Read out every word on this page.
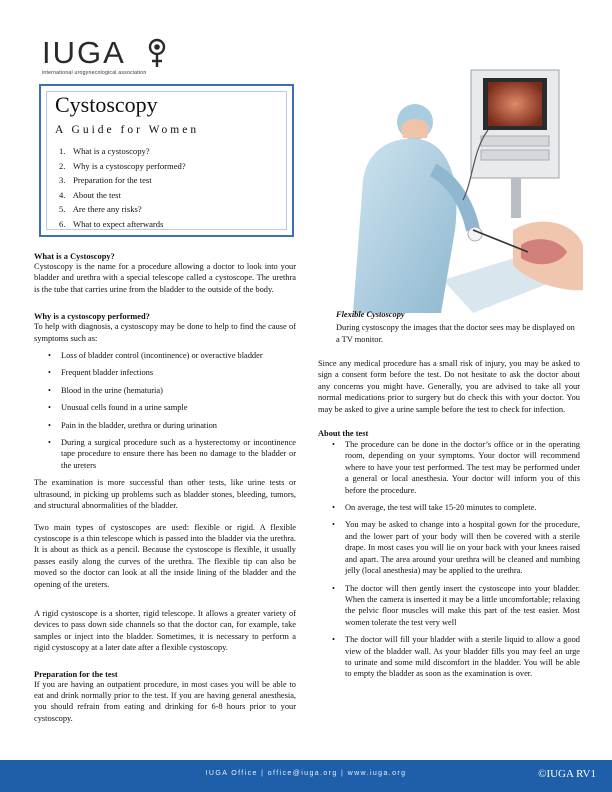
IUGA
international urogynecological association
Cystoscopy
A Guide for Women
1. What is a cystoscopy?
2. Why is a cystoscopy performed?
3. Preparation for the test
4. About the test
5. Are there any risks?
6. What to expect afterwards
Flexible Cystoscopy
During cystoscopy the images that the doctor sees may be displayed on a TV monitor.
What is a Cystoscopy?
Cystoscopy is the name for a procedure allowing a doctor to look into your bladder and urethra with a special telescope called a cystoscope. The urethra is the tube that carries urine from the bladder to the outside of the body.
Why is a cystoscopy performed?
To help with diagnosis, a cystoscopy may be done to help to find the cause of symptoms such as:
• Loss of bladder control (incontinence) or overactive bladder
• Frequent bladder infections
• Blood in the urine (hematuria)
• Unusual cells found in a urine sample
• Pain in the bladder, urethra or during urination
• During a surgical procedure such as a hysterectomy or incontinence tape procedure to ensure there has been no damage to the bladder or the ureters
The examination is more successful than other tests, like urine tests or ultrasound, in picking up problems such as bladder stones, bleeding, tumors, and structural abnormalities of the bladder.
Two main types of cystoscopes are used: flexible or rigid. A flexible cystoscope is a thin telescope which is passed into the bladder via the urethra. It is about as thick as a pencil. Because the cystoscope is flexible, it usually passes easily along the curves of the urethra. The flexible tip can also be moved so the doctor can look at all the inside lining of the bladder and the opening of the ureters.
A rigid cystoscope is a shorter, rigid telescope. It allows a greater variety of devices to pass down side channels so that the doctor can, for example, take samples or inject into the bladder. Sometimes, it is necessary to perform a rigid cystoscopy at a later date after a flexible cystoscopy.
Preparation for the test
If you are having an outpatient procedure, in most cases you will be able to eat and drink normally prior to the test. If you are having general anesthesia, you should refrain from eating and drinking for 6-8 hours prior to your cystoscopy.
Since any medical procedure has a small risk of injury, you may be asked to sign a consent form before the test. Do not hesitate to ask the doctor about any concerns you might have. Generally, you are advised to take all your normal medications prior to surgery but do check this with your doctor. You may be asked to give a urine sample before the test to check for infection.
About the test
• The procedure can be done in the doctor’s office or in the operating room, depending on your symptoms. Your doctor will recommend where to have your test performed. The test may be performed under a general or local anesthesia. Your doctor will inform you of this before the procedure.
• On average, the test will take 15-20 minutes to complete.
• You may be asked to change into a hospital gown for the procedure, and the lower part of your body will then be covered with a sterile drape. In most cases you will lie on your back with your knees raised and apart. The area around your urethra will be cleaned and numbing jelly (local anesthesia) may be applied to the urethra.
• The doctor will then gently insert the cystoscope into your bladder. When the camera is inserted it may be a little uncomfortable; relaxing the pelvic floor muscles will make this part of the test easier. Most women tolerate the test very well
• The doctor will fill your bladder with a sterile liquid to allow a good view of the bladder wall. As your bladder fills you may feel an urge to urinate and some mild discomfort in the bladder. You will be able to empty the bladder as soon as the examination is over.
IUGA Office | office@iuga.org | www.iuga.org	©IUGA RV1
